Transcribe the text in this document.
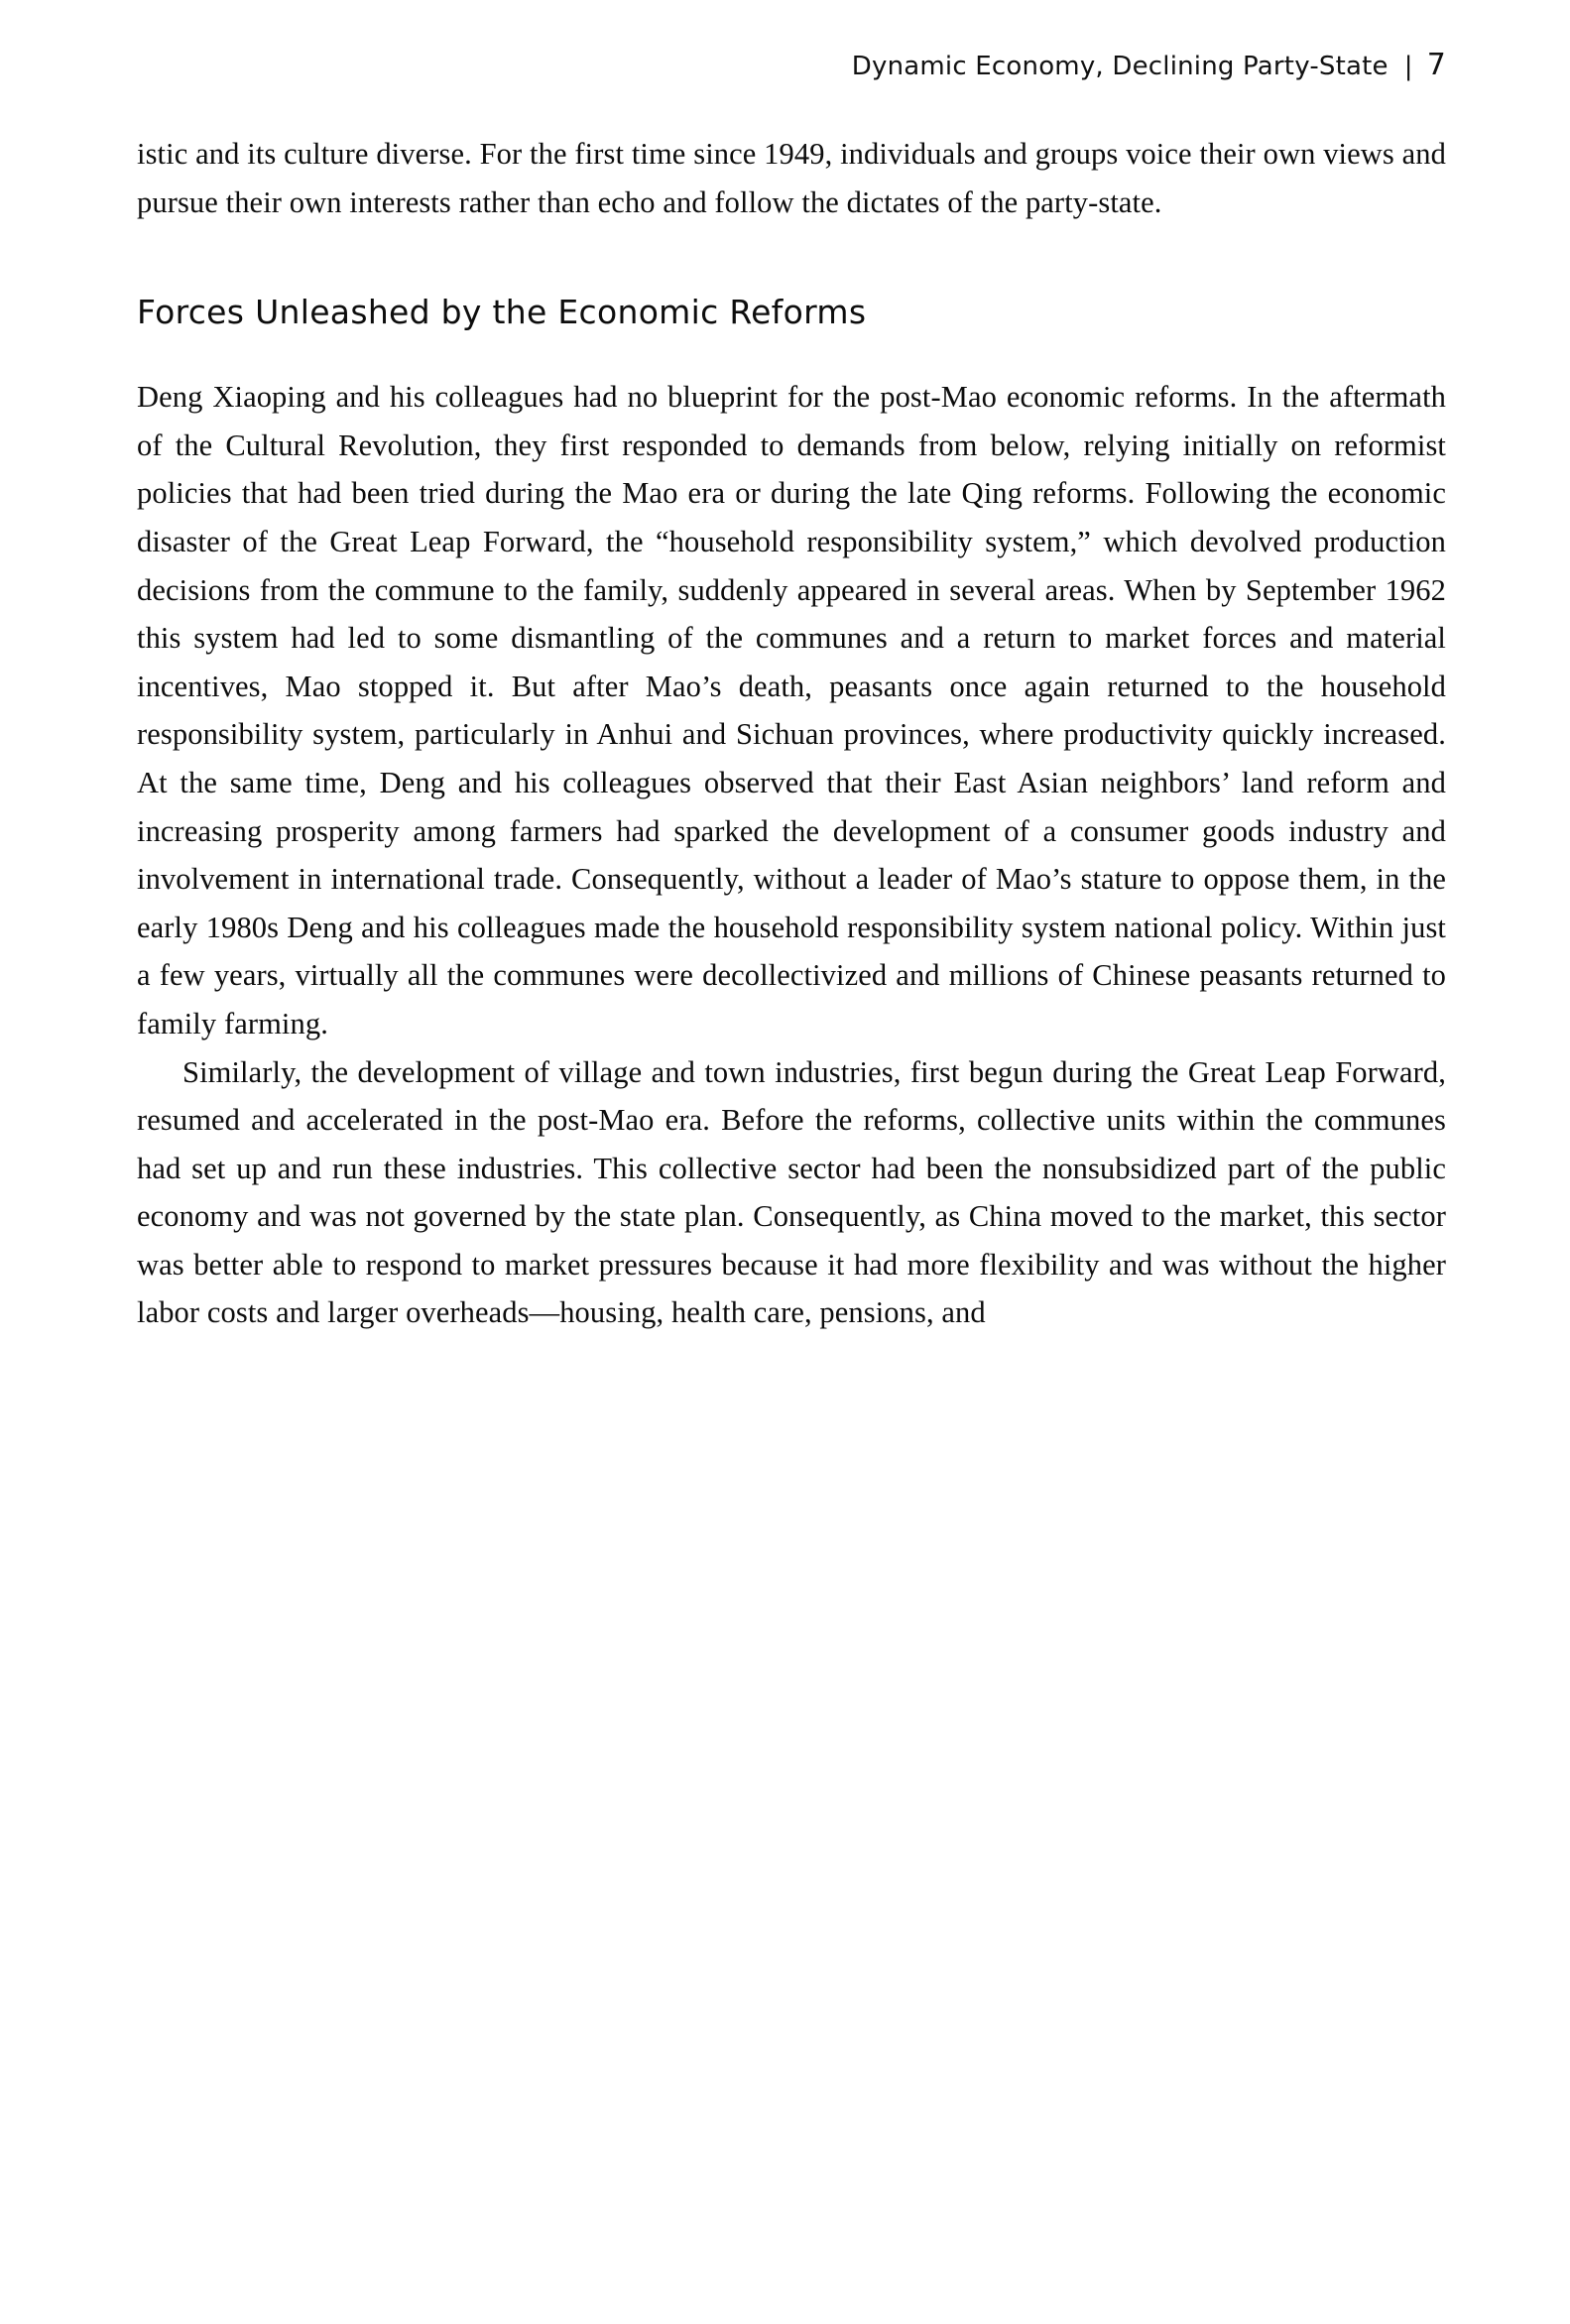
Dynamic Economy, Declining Party-State | 7

istic and its culture diverse. For the first time since 1949, individuals and groups voice their own views and pursue their own interests rather than echo and follow the dictates of the party-state.

Forces Unleashed by the Economic Reforms

Deng Xiaoping and his colleagues had no blueprint for the post-Mao economic reforms. In the aftermath of the Cultural Revolution, they first responded to demands from below, relying initially on reformist policies that had been tried during the Mao era or during the late Qing reforms. Following the economic disaster of the Great Leap Forward, the “household responsibility system,” which devolved production decisions from the commune to the family, suddenly appeared in several areas. When by September 1962 this system had led to some dismantling of the communes and a return to market forces and material incentives, Mao stopped it. But after Mao’s death, peasants once again returned to the household responsibility system, particularly in Anhui and Sichuan provinces, where productivity quickly increased. At the same time, Deng and his colleagues observed that their East Asian neighbors’ land reform and increasing prosperity among farmers had sparked the development of a consumer goods industry and involvement in international trade. Consequently, without a leader of Mao’s stature to oppose them, in the early 1980s Deng and his colleagues made the household responsibility system national policy. Within just a few years, virtually all the communes were decollectivized and millions of Chinese peasants returned to family farming.

Similarly, the development of village and town industries, first begun during the Great Leap Forward, resumed and accelerated in the post-Mao era. Before the reforms, collective units within the communes had set up and run these industries. This collective sector had been the nonsubsidized part of the public economy and was not governed by the state plan. Consequently, as China moved to the market, this sector was better able to respond to market pressures because it had more flexibility and was without the higher labor costs and larger overheads—housing, health care, pensions, and
